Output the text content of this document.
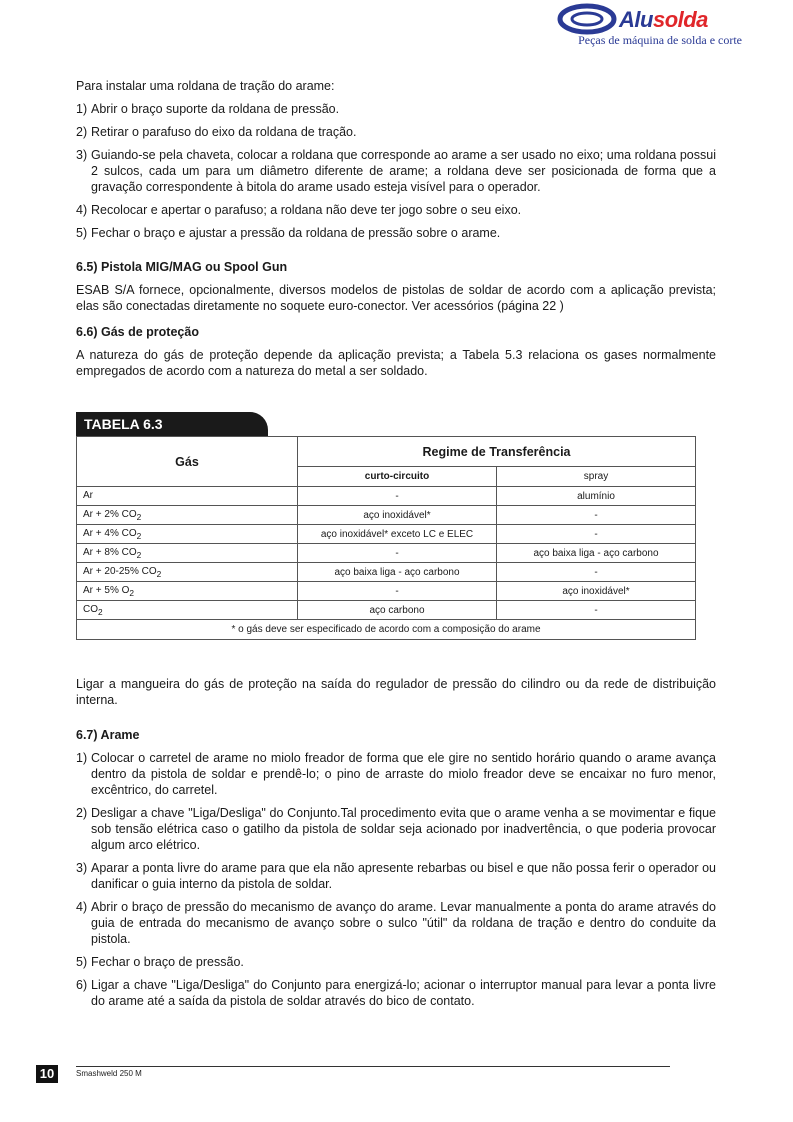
Alusolda
Peças de máquina de solda e corte

Para instalar uma roldana de tração do arame:

1) Abrir o braço suporte da roldana de pressão.
2) Retirar o parafuso do eixo da roldana de tração.
3) Guiando-se pela chaveta, colocar a roldana que corresponde ao arame a ser usado no eixo; uma roldana possui 2 sulcos, cada um para um diâmetro diferente de arame; a roldana deve ser posicionada de forma que a gravação correspondente à bitola do arame usado esteja visível para o operador.
4) Recolocar e apertar o parafuso; a roldana não deve ter jogo sobre o seu eixo.
5) Fechar o braço e ajustar a pressão da roldana de pressão sobre o arame.
6.5) Pistola MIG/MAG ou Spool Gun

ESAB S/A fornece, opcionalmente, diversos modelos de pistolas de soldar de acordo com a aplicação prevista; elas são conectadas diretamente no soquete euro-conector. Ver acessórios (página 22 )

6.6) Gás de proteção

A natureza do gás de proteção depende da aplicação prevista; a Tabela 5.3 relaciona os gases normalmente empregados de acordo com a natureza do metal a ser soldado.

TABELA 6.3
Gás	Regime de Transferência	
	curto-circuito	spray
Ar	-	alumínio
Ar + 2% $CO_2$	aço inoxidável*	-
Ar + 4% $CO_2$	aço inoxidável* exceto LC e ELEC	-
Ar + 8% $CO_2$	-	aço baixa liga - aço carbono
Ar + 20-25% $CO_2$	aço baixa liga - aço carbono	-
Ar + 5% $O_2$	-	aço inoxidável*
$CO_2$	aço carbono	-
* o gás deve ser especificado de acordo com a composição do arame		

Ligar a mangueira do gás de proteção na saída do regulador de pressão do cilindro ou da rede de distribuição interna.

6.7) Arame
1) Colocar o carretel de arame no miolo freador de forma que ele gire no sentido horário quando o arame avança dentro da pistola de soldar e prendê-lo; o pino de arraste do miolo freador deve se encaixar no furo menor, excêntrico, do carretel.
2) Desligar a chave "Liga/Desliga" do Conjunto.Tal procedimento evita que o arame venha a se movimentar e fique sob tensão elétrica caso o gatilho da pistola de soldar seja acionado por inadvertência, o que poderia provocar algum arco elétrico.
3) Aparar a ponta livre do arame para que ela não apresente rebarbas ou bisel e que não possa ferir o operador ou danificar o guia interno da pistola de soldar.
4) Abrir o braço de pressão do mecanismo de avanço do arame. Levar manualmente a ponta do arame através do guia de entrada do mecanismo de avanço sobre o sulco "útil" da roldana de tração e dentro do conduite da pistola.
5) Fechar o braço de pressão.
6) Ligar a chave "Liga/Desliga" do Conjunto para energizá-lo; acionar o interruptor manual para levar a ponta livre do arame até a saída da pistola de soldar através do bico de contato.
10	Smashweld 250 M
